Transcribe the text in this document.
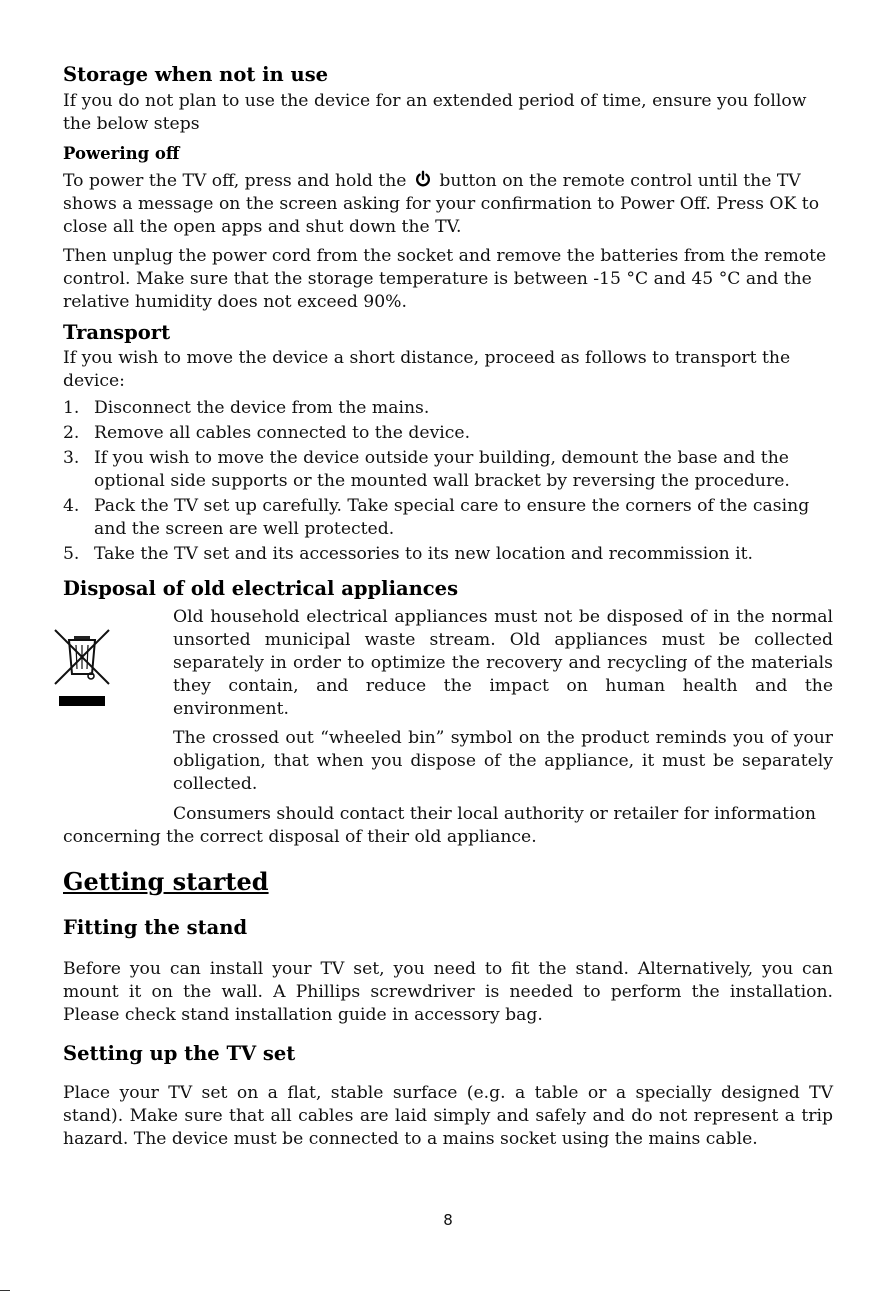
Storage when not in use

If you do not plan to use the device for an extended period of time, ensure you follow the below steps

Powering off

To power the TV off, press and hold the button on the remote control until the TV shows a message on the screen asking for your confirmation to Power Off. Press OK to close all the open apps and shut down the TV.

Then unplug the power cord from the socket and remove the batteries from the remote control. Make sure that the storage temperature is between -15 °C and 45 °C and the relative humidity does not exceed 90%.

Transport

If you wish to move the device a short distance, proceed as follows to transport the device:

1. Disconnect the device from the mains.
2. Remove all cables connected to the device.
3. If you wish to move the device outside your building, demount the base and the optional side supports or the mounted wall bracket by reversing the procedure.
4. Pack the TV set up carefully. Take special care to ensure the corners of the casing and the screen are well protected.
5. Take the TV set and its accessories to its new location and recommission it.
Disposal of old electrical appliances

Old household electrical appliances must not be disposed of in the normal unsorted municipal waste stream. Old appliances must be collected separately in order to optimize the recovery and recycling of the materials they contain, and reduce the impact on human health and the environment.

The crossed out “wheeled bin” symbol on the product reminds you of your obligation, that when you dispose of the appliance, it must be separately collected.

Consumers should contact their local authority or retailer for information concerning the correct disposal of their old appliance.

Getting started
Fitting the stand

Before you can install your TV set, you need to fit the stand. Alternatively, you can mount it on the wall. A Phillips screwdriver is needed to perform the installation. Please check stand installation guide in accessory bag.

Setting up the TV set

Place your TV set on a flat, stable surface (e.g. a table or a specially designed TV stand). Make sure that all cables are laid simply and safely and do not represent a trip hazard. The device must be connected to a mains socket using the mains cable.

8
